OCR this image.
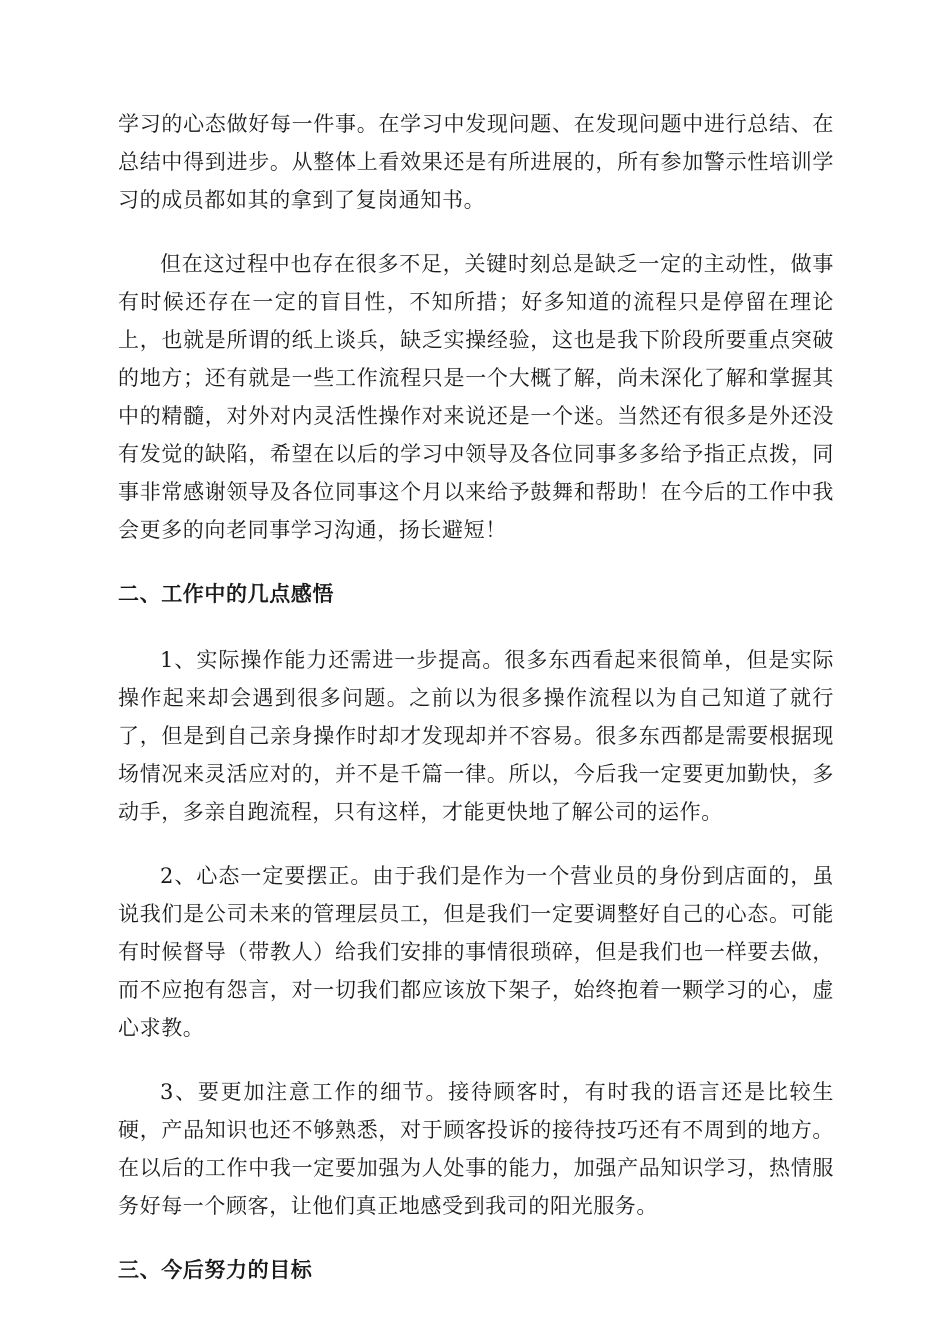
学习的心态做好每一件事。在学习中发现问题、在发现问题中进行总结、在总结中得到进步。从整体上看效果还是有所进展的，所有参加警示性培训学习的成员都如其的拿到了复岗通知书。

但在这过程中也存在很多不足，关键时刻总是缺乏一定的主动性，做事有时候还存在一定的盲目性，不知所措；好多知道的流程只是停留在理论上，也就是所谓的纸上谈兵，缺乏实操经验，这也是我下阶段所要重点突破的地方；还有就是一些工作流程只是一个大概了解，尚未深化了解和掌握其中的精髓，对外对内灵活性操作对来说还是一个迷。当然还有很多是外还没有发觉的缺陷，希望在以后的学习中领导及各位同事多多给予指正点拨，同事非常感谢领导及各位同事这个月以来给予鼓舞和帮助！在今后的工作中我会更多的向老同事学习沟通，扬长避短！

二、工作中的几点感悟

1、实际操作能力还需进一步提高。很多东西看起来很简单，但是实际操作起来却会遇到很多问题。之前以为很多操作流程以为自己知道了就行了，但是到自己亲身操作时却才发现却并不容易。很多东西都是需要根据现场情况来灵活应对的，并不是千篇一律。所以，今后我一定要更加勤快，多动手，多亲自跑流程，只有这样，才能更快地了解公司的运作。

2、心态一定要摆正。由于我们是作为一个营业员的身份到店面的，虽说我们是公司未来的管理层员工，但是我们一定要调整好自己的心态。可能有时候督导（带教人）给我们安排的事情很琐碎，但是我们也一样要去做，而不应抱有怨言，对一切我们都应该放下架子，始终抱着一颗学习的心，虚心求教。

3、要更加注意工作的细节。接待顾客时，有时我的语言还是比较生硬，产品知识也还不够熟悉，对于顾客投诉的接待技巧还有不周到的地方。在以后的工作中我一定要加强为人处事的能力，加强产品知识学习，热情服务好每一个顾客，让他们真正地感受到我司的阳光服务。

三、今后努力的目标
